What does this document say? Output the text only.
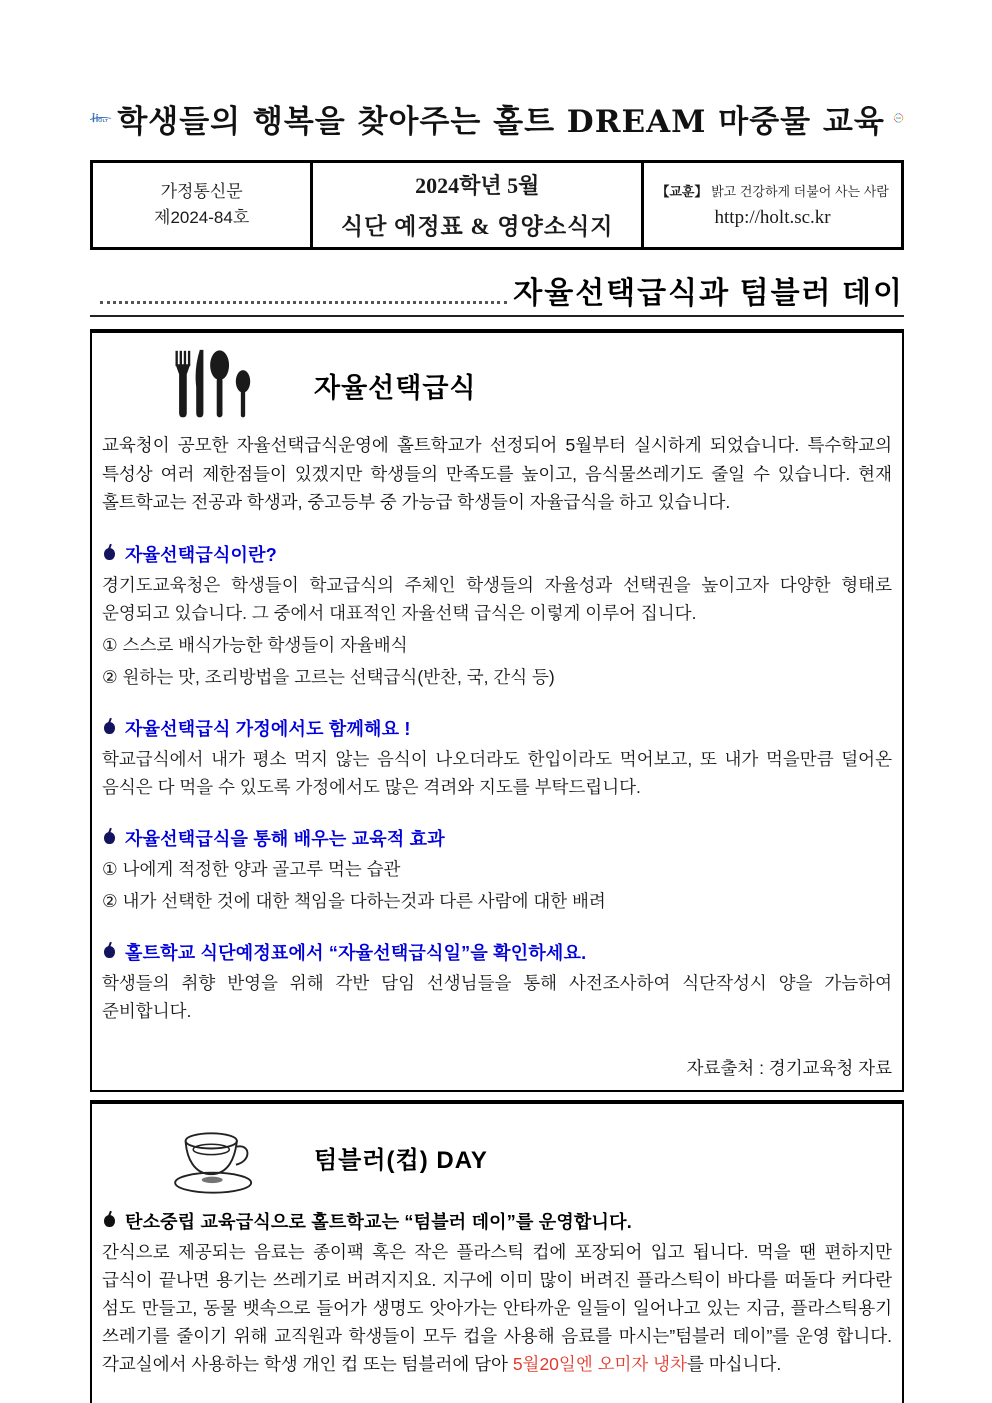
LT 학생들의 행복을 찾아주는 홀트 DREAM 마중물 교육 Holt
가정통신문
제2024-84호

2024학년 5월
식단 예정표 & 영양소식지

【교훈】 밝고 건강하게 더불어 사는 사람
http://holt.sc.kr
자율선택급식과 텀블러 데이
자율선택급식

교육청이 공모한 자율선택급식운영에 홀트학교가 선정되어 5월부터 실시하게 되었습니다. 특수학교의 특성상 여러 제한점들이 있겠지만 학생들의 만족도를 높이고, 음식물쓰레기도 줄일 수 있습니다. 현재 홀트학교는 전공과 학생과, 중고등부 중 가능급 학생들이 자율급식을 하고 있습니다.

자율선택급식이란?

경기도교육청은 학생들이 학교급식의 주체인 학생들의 자율성과 선택권을 높이고자 다양한 형태로 운영되고 있습니다. 그 중에서 대표적인 자율선택 급식은 이렇게 이루어 집니다.

① 스스로 배식가능한 학생들이 자율배식

② 원하는 맛, 조리방법을 고르는 선택급식(반찬, 국, 간식 등)

자율선택급식 가정에서도 함께해요 !

학교급식에서 내가 평소 먹지 않는 음식이 나오더라도 한입이라도 먹어보고, 또 내가 먹을만큼 덜어온 음식은 다 먹을 수 있도록 가정에서도 많은 격려와 지도를 부탁드립니다.

자율선택급식을 통해 배우는 교육적 효과

① 나에게 적정한 양과 골고루 먹는 습관

② 내가 선택한 것에 대한 책임을 다하는것과 다른 사람에 대한 배려

홀트학교 식단예정표에서 “자율선택급식일”을 확인하세요.

학생들의 취향 반영을 위해 각반 담임 선생님들을 통해 사전조사하여 식단작성시 양을 가늠하여 준비합니다.

자료출처 : 경기교육청 자료
텀블러(컵) DAY
탄소중립 교육급식으로 홀트학교는 “텀블러 데이”를 운영합니다.

간식으로 제공되는 음료는 종이팩 혹은 작은 플라스틱 컵에 포장되어 입고 됩니다. 먹을 땐 편하지만 급식이 끝나면 용기는 쓰레기로 버려지지요. 지구에 이미 많이 버려진 플라스틱이 바다를 떠돌다 커다란 섬도 만들고, 동물 뱃속으로 들어가 생명도 앗아가는 안타까운 일들이 일어나고 있는 지금, 플라스틱용기 쓰레기를 줄이기 위해 교직원과 학생들이 모두 컵을 사용해 음료를 마시는”텀블러 데이”를 운영 합니다. 각교실에서 사용하는 학생 개인 컵 또는 텀블러에 담아 5월20일엔 오미자 냉차를 마십니다.
